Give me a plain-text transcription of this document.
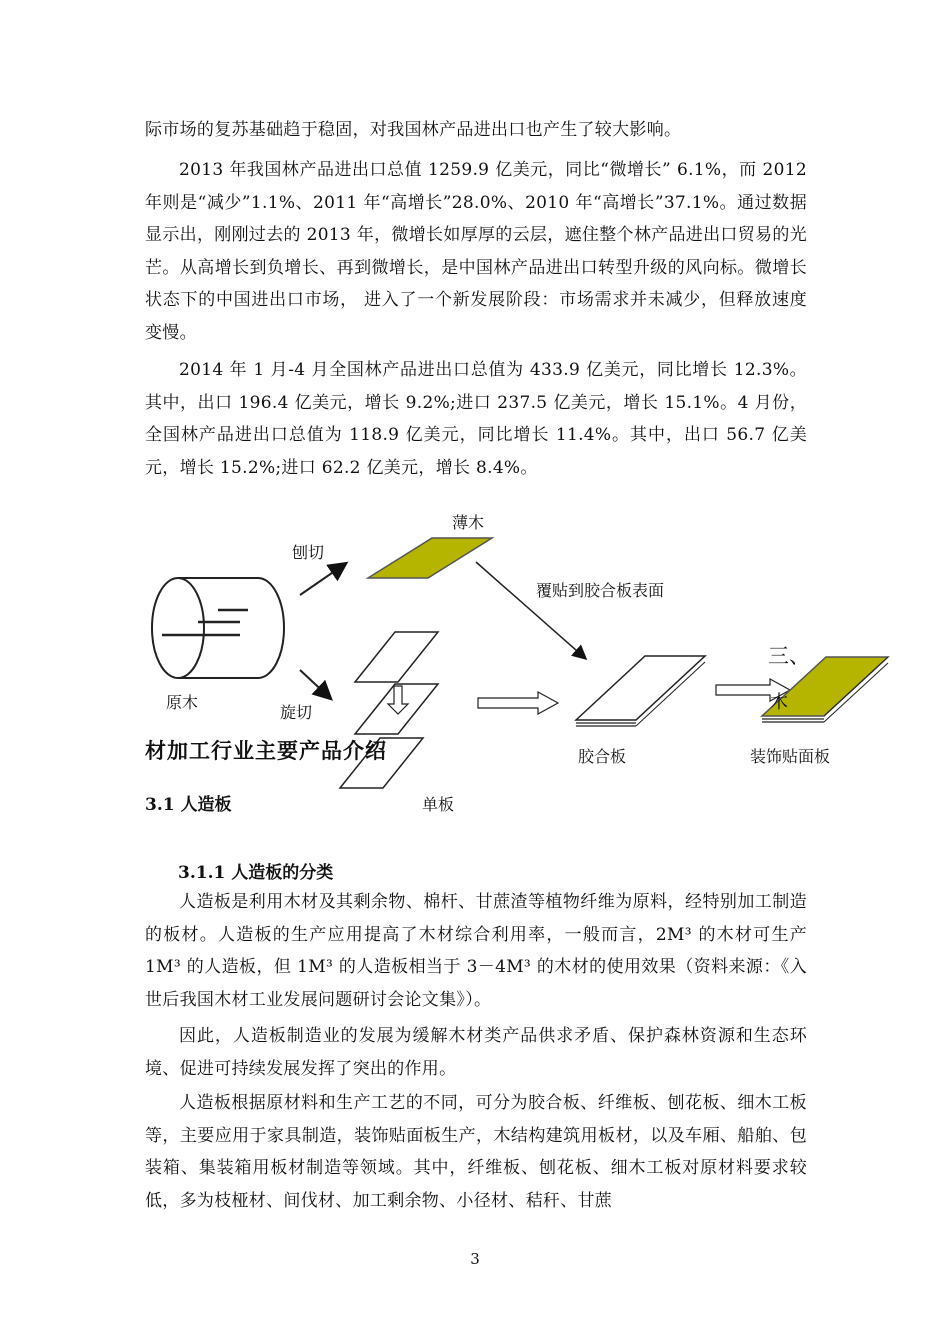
际市场的复苏基础趋于稳固，对我国林产品进出口也产生了较大影响。

2013 年我国林产品进出口总值 1259.9 亿美元，同比“微增长” 6.1%，而 2012 年则是“减少”1.1%、2011 年“高增长”28.0%、2010 年“高增长”37.1%。通过数据显示出，刚刚过去的 2013 年，微增长如厚厚的云层，遮住整个林产品进出口贸易的光芒。从高增长到负增长、再到微增长，是中国林产品进出口转型升级的风向标。微增长状态下的中国进出口市场， 进入了一个新发展阶段：市场需求并未减少，但释放速度变慢。

2014 年 1 月-4 月全国林产品进出口总值为 433.9 亿美元，同比增长 12.3%。其中，出口 196.4 亿美元，增长 9.2%;进口 237.5 亿美元，增长 15.1%。4 月份，全国林产品进出口总值为 118.9 亿美元，同比增长 11.4%。其中，出口 56.7 亿美元，增长 15.2%;进口 62.2 亿美元，增长 8.4%。

原木
刨切
薄木
覆贴到胶合板表面
旋切
单板
胶合板	装饰贴面板
三、
木
材加工行业主要产品介绍
3.1 人造板
3.1.1 人造板的分类

人造板是利用木材及其剩余物、棉杆、甘蔗渣等植物纤维为原料，经特别加工制造的板材。人造板的生产应用提高了木材综合利用率，一般而言，2M³ 的木材可生产 1M³ 的人造板，但 1M³ 的人造板相当于 3－4M³ 的木材的使用效果（资料来源：《入世后我国木材工业发展问题研讨会论文集》）。

因此，人造板制造业的发展为缓解木材类产品供求矛盾、保护森林资源和生态环境、促进可持续发展发挥了突出的作用。

人造板根据原材料和生产工艺的不同，可分为胶合板、纤维板、刨花板、细木工板等，主要应用于家具制造，装饰贴面板生产，木结构建筑用板材，以及车厢、船舶、包装箱、集装箱用板材制造等领域。其中，纤维板、刨花板、细木工板对原材料要求较低，多为枝桠材、间伐材、加工剩余物、小径材、秸秆、甘蔗

3
